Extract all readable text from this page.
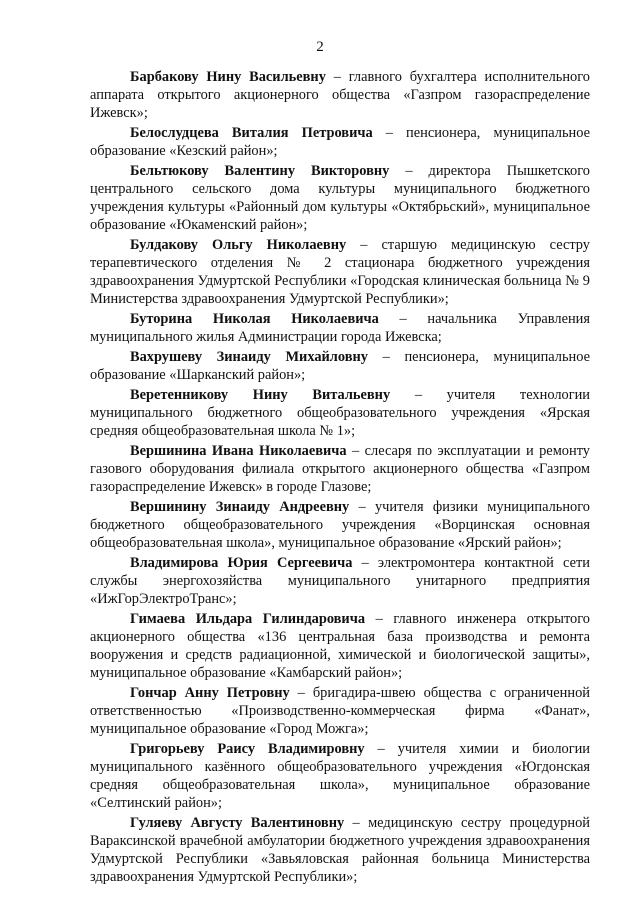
2

Барбакову Нину Васильевну – главного бухгалтера исполнительного аппарата открытого акционерного общества «Газпром газораспределение Ижевск»;

Белослудцева Виталия Петровича – пенсионера, муниципальное образование «Кезский район»;

Бельтюкову Валентину Викторовну – директора Пышкетского центрального сельского дома культуры муниципального бюджетного учреждения культуры «Районный дом культуры «Октябрьский», муниципальное образование «Юкаменский район»;

Булдакову Ольгу Николаевну – старшую медицинскую сестру терапевтического отделения № 2 стационара бюджетного учреждения здравоохранения Удмуртской Республики «Городская клиническая больница № 9 Министерства здравоохранения Удмуртской Республики»;

Буторина Николая Николаевича – начальника Управления муниципального жилья Администрации города Ижевска;

Вахрушеву Зинаиду Михайловну – пенсионера, муниципальное образование «Шарканский район»;

Веретенникову Нину Витальевну – учителя технологии муниципального бюджетного общеобразовательного учреждения «Ярская средняя общеобразовательная школа № 1»;

Вершинина Ивана Николаевича – слесаря по эксплуатации и ремонту газового оборудования филиала открытого акционерного общества «Газпром газораспределение Ижевск» в городе Глазове;

Вершинину Зинаиду Андреевну – учителя физики муниципального бюджетного общеобразовательного учреждения «Ворцинская основная общеобразовательная школа», муниципальное образование «Ярский район»;

Владимирова Юрия Сергеевича – электромонтера контактной сети службы энергохозяйства муниципального унитарного предприятия «ИжГорЭлектроТранс»;

Гимаева Ильдара Гилиндаровича – главного инженера открытого акционерного общества «136 центральная база производства и ремонта вооружения и средств радиационной, химической и биологической защиты», муниципальное образование «Камбарский район»;

Гончар Анну Петровну – бригадира-швею общества с ограниченной ответственностью «Производственно-коммерческая фирма «Фанат», муниципальное образование «Город Можга»;

Григорьеву Раису Владимировну – учителя химии и биологии муниципального казённого общеобразовательного учреждения «Югдонская средняя общеобразовательная школа», муниципальное образование «Селтинский район»;

Гуляеву Августу Валентиновну – медицинскую сестру процедурной Вараксинской врачебной амбулатории бюджетного учреждения здравоохранения Удмуртской Республики «Завьяловская районная больница Министерства здравоохранения Удмуртской Республики»;
